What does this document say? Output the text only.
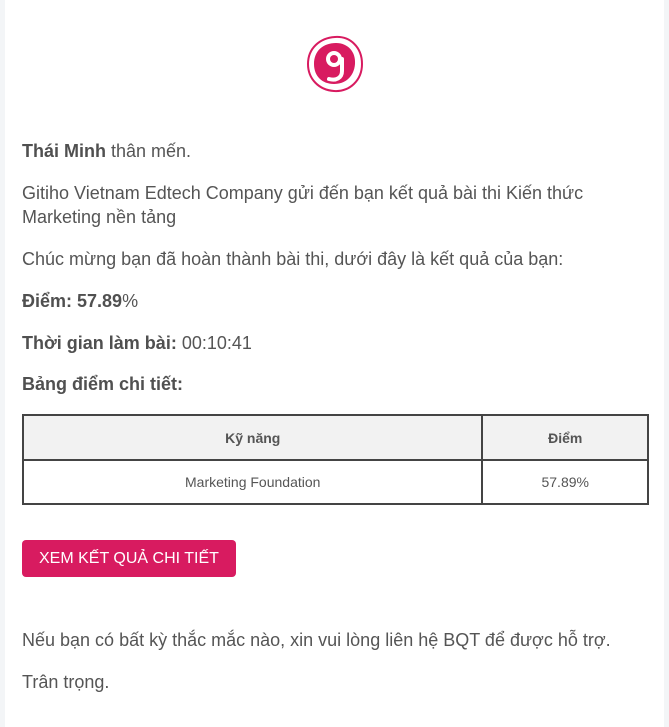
Thái Minh thân mến.

Gitiho Vietnam Edtech Company gửi đến bạn kết quả bài thi Kiến thức Marketing nền tảng

Chúc mừng bạn đã hoàn thành bài thi, dưới đây là kết quả của bạn:

Điểm: 57.89%

Thời gian làm bài: 00:10:41

Bảng điểm chi tiết:

Kỹ năng	Điểm
Marketing Foundation	57.89%
XEM KẾT QUẢ CHI TIẾT

Nếu bạn có bất kỳ thắc mắc nào, xin vui lòng liên hệ BQT để được hỗ trợ.

Trân trọng.
